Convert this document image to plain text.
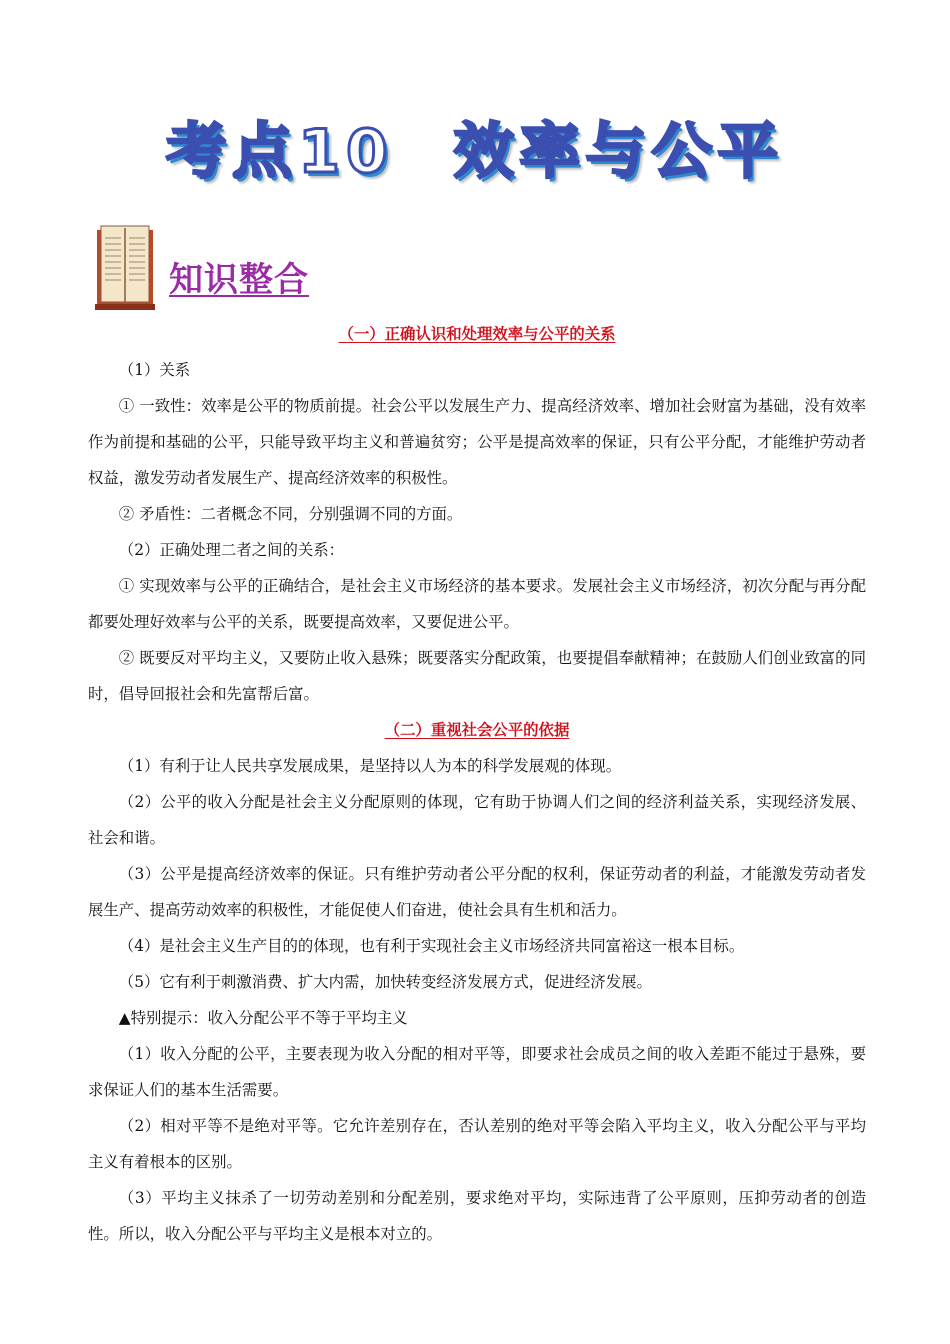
考点10 效率与公平
知识整合
（一）正确认识和处理效率与公平的关系

（1）关系

① 一致性：效率是公平的物质前提。社会公平以发展生产力、提高经济效率、增加社会财富为基础，没有效率作为前提和基础的公平，只能导致平均主义和普遍贫穷；公平是提高效率的保证，只有公平分配，才能维护劳动者权益，激发劳动者发展生产、提高经济效率的积极性。

② 矛盾性：二者概念不同，分别强调不同的方面。

（2）正确处理二者之间的关系：

① 实现效率与公平的正确结合，是社会主义市场经济的基本要求。发展社会主义市场经济，初次分配与再分配都要处理好效率与公平的关系，既要提高效率，又要促进公平。

② 既要反对平均主义，又要防止收入悬殊；既要落实分配政策，也要提倡奉献精神；在鼓励人们创业致富的同时，倡导回报社会和先富帮后富。

（二）重视社会公平的依据

（1）有利于让人民共享发展成果，是坚持以人为本的科学发展观的体现。

（2）公平的收入分配是社会主义分配原则的体现，它有助于协调人们之间的经济利益关系，实现经济发展、社会和谐。

（3）公平是提高经济效率的保证。只有维护劳动者公平分配的权利，保证劳动者的利益，才能激发劳动者发展生产、提高劳动效率的积极性，才能促使人们奋进，使社会具有生机和活力。

（4）是社会主义生产目的的体现，也有利于实现社会主义市场经济共同富裕这一根本目标。

（5）它有利于刺激消费、扩大内需，加快转变经济发展方式，促进经济发展。

▲特别提示：收入分配公平不等于平均主义

（1）收入分配的公平，主要表现为收入分配的相对平等，即要求社会成员之间的收入差距不能过于悬殊，要求保证人们的基本生活需要。

（2）相对平等不是绝对平等。它允许差别存在，否认差别的绝对平等会陷入平均主义，收入分配公平与平均主义有着根本的区别。

（3）平均主义抹杀了一切劳动差别和分配差别，要求绝对平均，实际违背了公平原则，压抑劳动者的创造性。所以，收入分配公平与平均主义是根本对立的。
